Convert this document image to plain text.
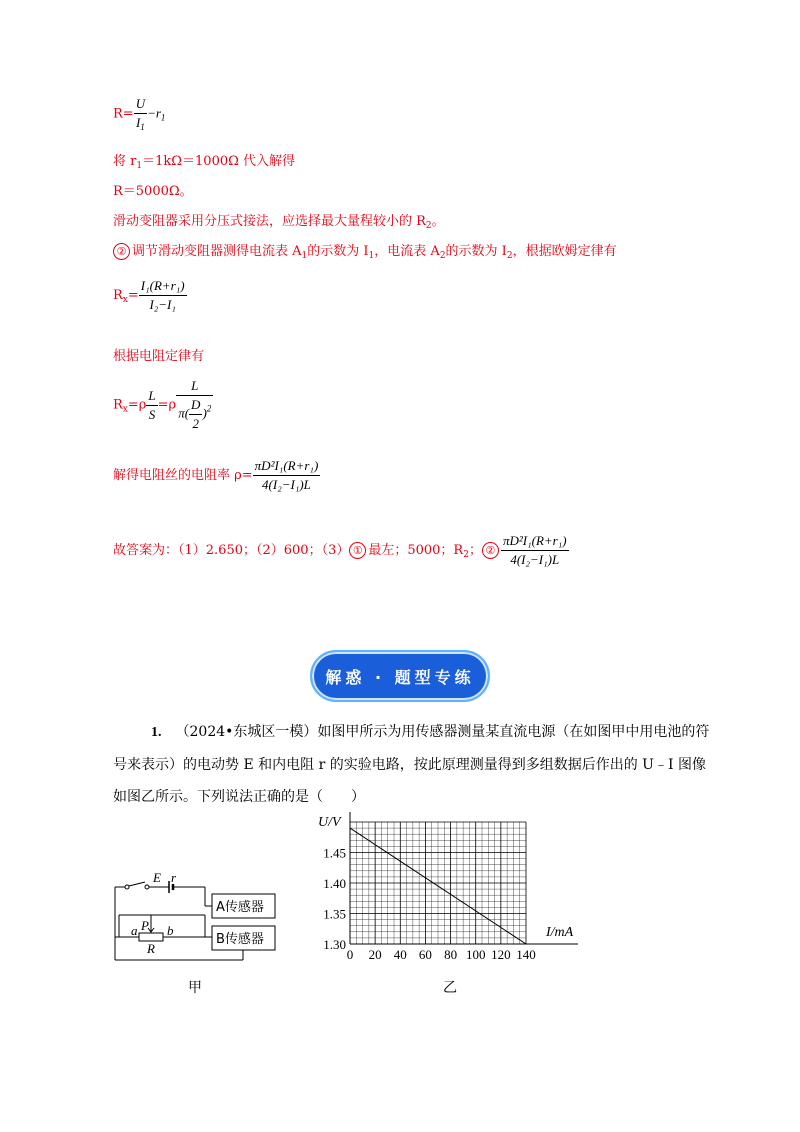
$R= \frac{U}{I_1} -r_1$
将 $r_1=1k\Omega=1000\Omega$ 代入解得
R＝5000Ω。
滑动变阻器采用分压式接法，应选择最大量程较小的 $R_2$。
② 调节滑动变阻器测得电流表 $A_1$的示数为 $I_1$，电流表 $A_2$的示数为 $I_2$，根据欧姆定律有
$R_x= \frac{\text{I₁(R+r₁)}}{\text{I₂−I₁}}$
根据电阻定律有
$R_x=\rho \frac{L}{S} =\rho \frac{L}{\pi( \frac{D}{2} )^2}$
解得电阻丝的电阻率 $\rho= \frac{\text{πD²I₁(R+r₁)}}{\text{4(I₂−I₁)L}}$
故答案为：（1）2.650；（2）600；（3） ① 最左；5000；$R_2$； ② $\frac{\text{πD²I₁(R+r₁)}}{\text{4(I₂−I₁)L}}$
解惑 · 题型专练
1. （2024•东城区一模）如图甲所示为用传感器测量某直流电源（在如图甲中用电池的符号来表示）的电动势 E 和内电阻 r 的实验电路，按此原理测量得到多组数据后作出的 U﹣I 图像如图乙所示。下列说法正确的是（　　）
E r
P
a b
R
A传感器
B传感器
甲
0 20 40 60 80 100 120 140
1.30
1.35
1.40
1.45
U/V
I/mA
乙
